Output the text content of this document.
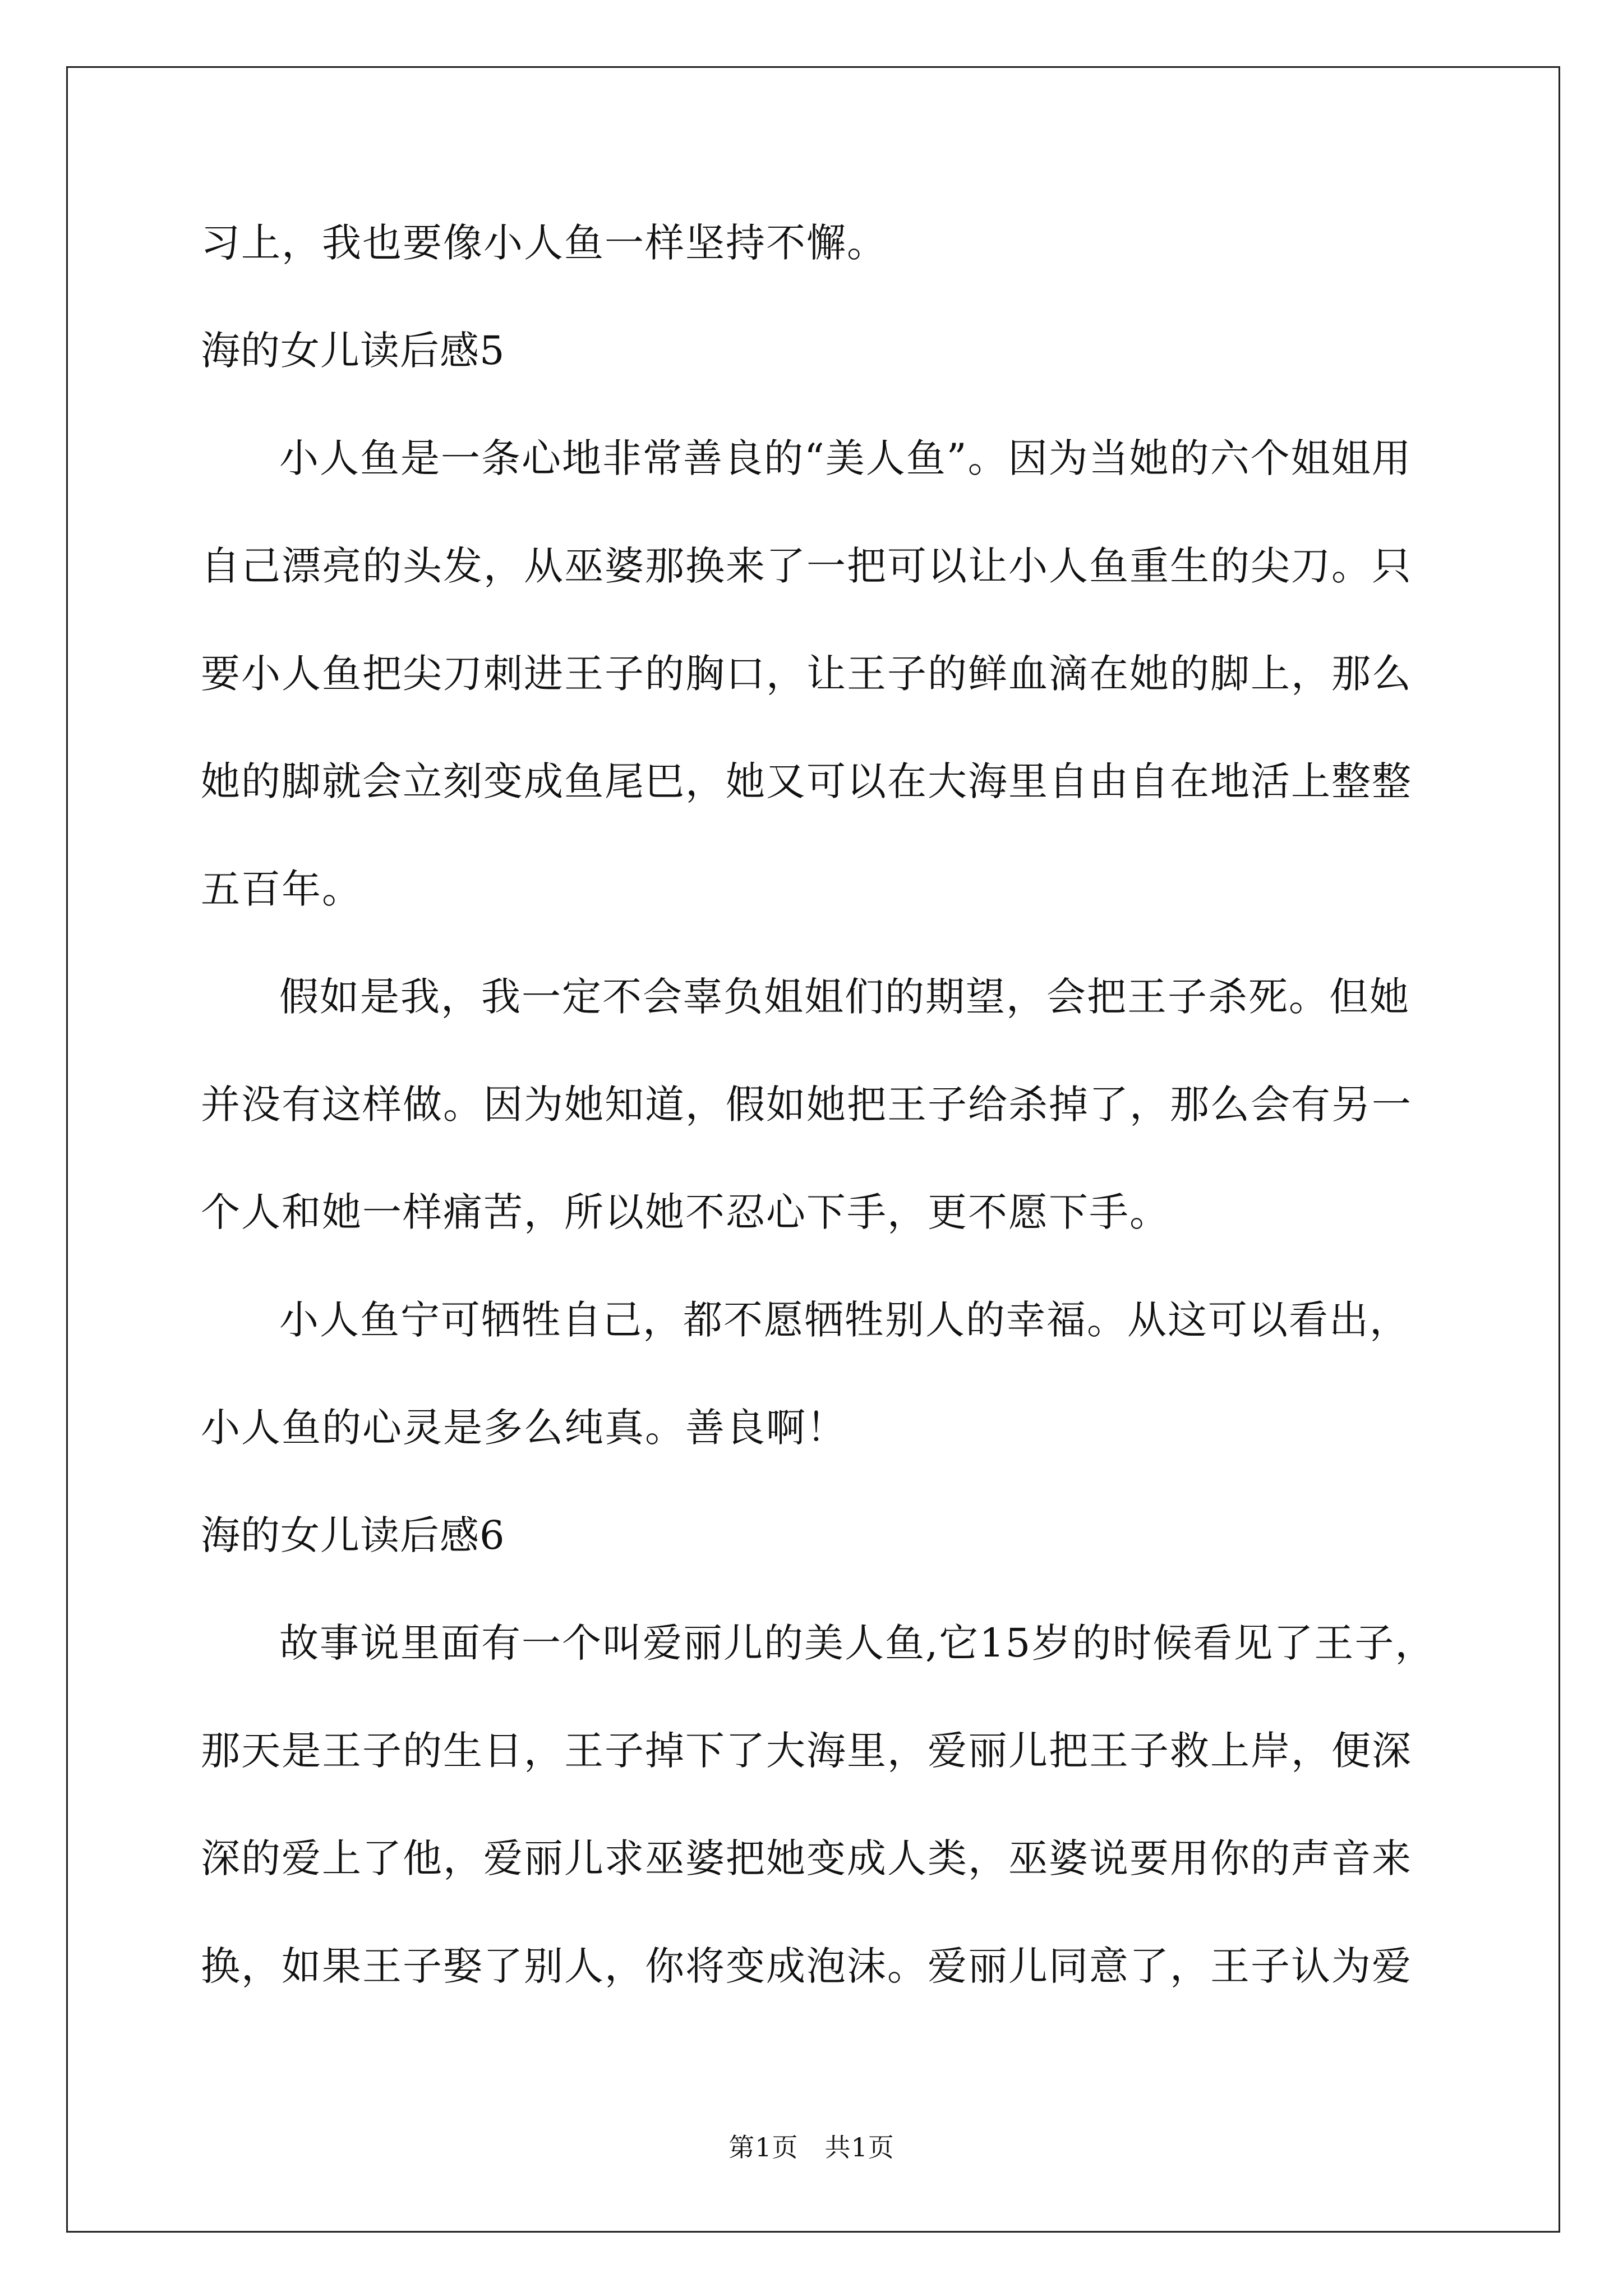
习上，我也要像小人鱼一样坚持不懈。
海的女儿读后感5
小人鱼是一条心地非常善良的“美人鱼”。因为当她的六个姐姐用
自己漂亮的头发，从巫婆那换来了一把可以让小人鱼重生的尖刀。只
要小人鱼把尖刀刺进王子的胸口，让王子的鲜血滴在她的脚上，那么
她的脚就会立刻变成鱼尾巴，她又可以在大海里自由自在地活上整整
五百年。
假如是我，我一定不会辜负姐姐们的期望，会把王子杀死。但她
并没有这样做。因为她知道，假如她把王子给杀掉了，那么会有另一
个人和她一样痛苦，所以她不忍心下手，更不愿下手。
小人鱼宁可牺牲自己，都不愿牺牲别人的幸福。从这可以看出，
小人鱼的心灵是多么纯真。善良啊！
海的女儿读后感6
故事说里面有一个叫爱丽儿的美人鱼,它15岁的时候看见了王子，
那天是王子的生日，王子掉下了大海里，爱丽儿把王子救上岸，便深
深的爱上了他，爱丽儿求巫婆把她变成人类，巫婆说要用你的声音来
换，如果王子娶了别人，你将变成泡沫。爱丽儿同意了，王子认为爱
第1页　共1页
